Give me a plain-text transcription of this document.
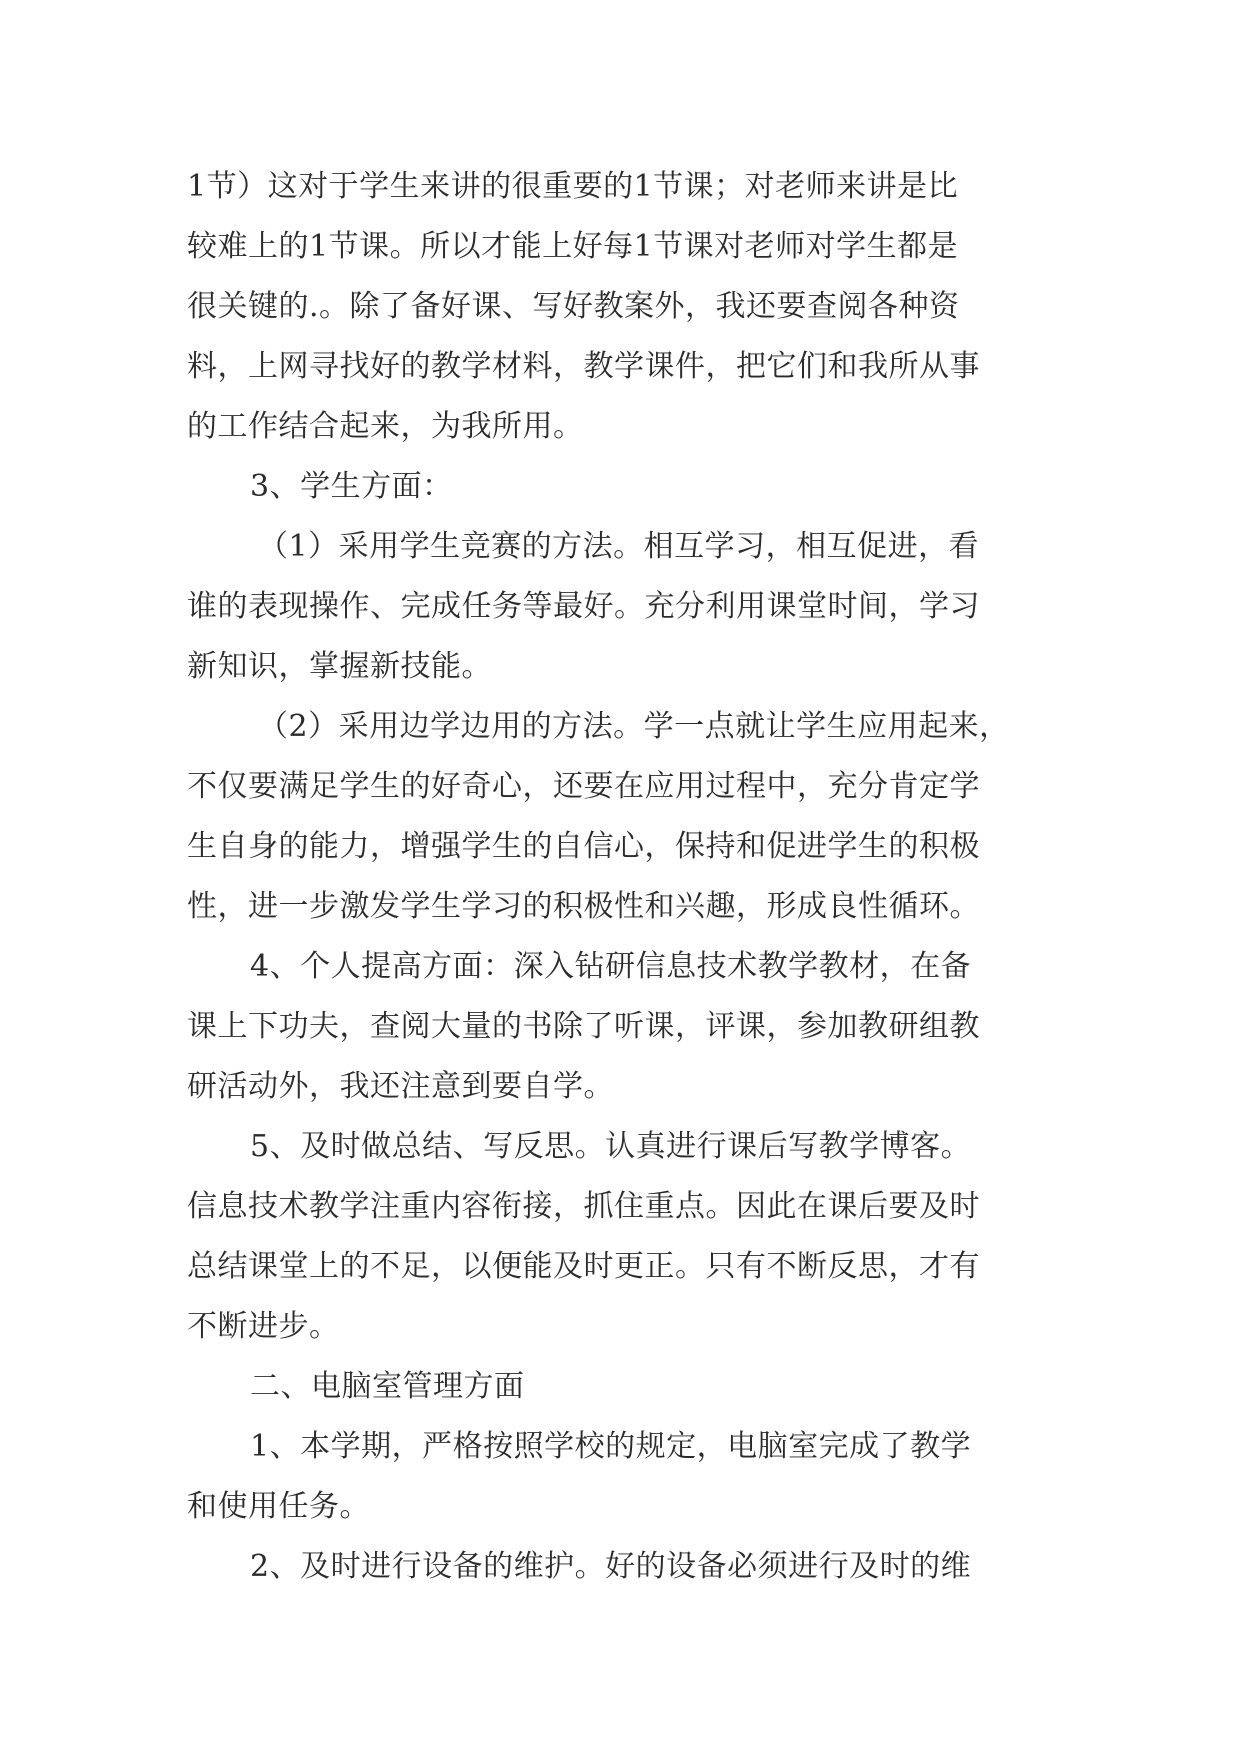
1节）这对于学生来讲的很重要的1节课；对老师来讲是比
较难上的1节课。所以才能上好每1节课对老师对学生都是
很关键的.。除了备好课、写好教案外，我还要查阅各种资
料，上网寻找好的教学材料，教学课件，把它们和我所从事
的工作结合起来，为我所用。
3、学生方面：
（1）采用学生竞赛的方法。相互学习，相互促进，看
谁的表现操作、完成任务等最好。充分利用课堂时间，学习
新知识，掌握新技能。
（2）采用边学边用的方法。学一点就让学生应用起来，
不仅要满足学生的好奇心，还要在应用过程中，充分肯定学
生自身的能力，增强学生的自信心，保持和促进学生的积极
性，进一步激发学生学习的积极性和兴趣，形成良性循环。
4、个人提高方面：深入钻研信息技术教学教材，在备
课上下功夫，查阅大量的书除了听课，评课，参加教研组教
研活动外，我还注意到要自学。
5、及时做总结、写反思。认真进行课后写教学博客。
信息技术教学注重内容衔接，抓住重点。因此在课后要及时
总结课堂上的不足，以便能及时更正。只有不断反思，才有
不断进步。
二、电脑室管理方面
1、本学期，严格按照学校的规定，电脑室完成了教学
和使用任务。
2、及时进行设备的维护。好的设备必须进行及时的维
